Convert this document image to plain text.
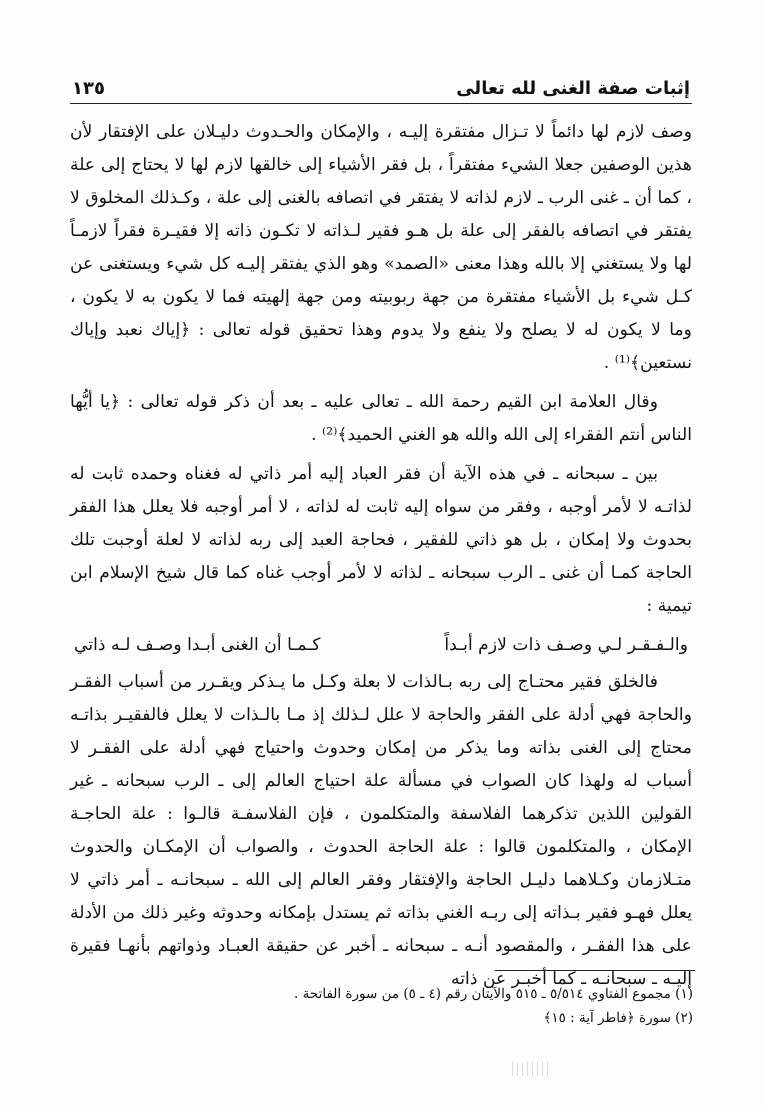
إثبات صفة الغنى لله تعالى
١٣٥

وصف لازم لها دائماً لا تـزال مفتقرة إليـه ، والإمكان والحـدوث دليـلان على الإفتقار لأن هذين الوصفين جعلا الشيء مفتقراً ، بل فقر الأشياء إلى خالقها لازم لها لا يحتاج إلى علة ، كما أن ـ غنى الرب ـ لازم لذاته لا يفتقر في اتصافه بالغنى إلى علة ، وكـذلك المخلوق لا يفتقر في اتصافه بالفقر إلى علة بل هـو فقير لـذاته لا تكـون ذاته إلا فقيـرة فقراً لازمـاً لها ولا يستغني إلا بالله وهذا معنى «الصمد» وهو الذي يفتقر إليـه كل شيء ويستغنى عن كـل شيء بل الأشياء مفتقرة من جهة ربوبيته ومن جهة إلهيته فما لا يكون به لا يكون ، وما لا يكون له لا يصلح ولا ينفع ولا يدوم وهذا تحقيق قوله تعالى : ﴿إياك نعبد وإياك نستعين﴾⁽¹⁾ .

وقال العلامة ابن القيم رحمة الله ـ تعالى عليه ـ بعد أن ذكر قوله تعالى : ﴿يا أيُّها الناس أنتم الفقراء إلى الله والله هو الغني الحميد﴾⁽²⁾ .

بين ـ سبحانه ـ في هذه الآية أن فقر العباد إليه أمر ذاتي له فغناه وحمده ثابت له لذاتـه لا لأمر أوجبه ، وفقر من سواه إليه ثابت له لذاته ، لا أمر أوجبه فلا يعلل هذا الفقر بحدوث ولا إمكان ، بل هو ذاتي للفقير ، فحاجة العبد إلى ربه لذاته لا لعلة أوجبت تلك الحاجة كمـا أن غنى ـ الرب سبحانه ـ لذاته لا لأمر أوجب غناه كما قال شيخ الإسلام ابن تيمية :

والـفـقـر لـي وصـف ذات لازم أبـداً
كـمـا أن الغنى أبـدا وصـف لـه ذاتي

فالخلق فقير محتـاج إلى ربه بـالذات لا بعلة وكـل ما يـذكر ويقـرر من أسباب الفقـر والحاجة فهي أدلة على الفقر والحاجة لا علل لـذلك إذ مـا بالـذات لا يعلل فالفقيـر بذاتـه محتاج إلى الغنى بذاته وما يذكر من إمكان وحدوث واحتياج فهي أدلة على الفقـر لا أسباب له ولهذا كان الصواب في مسألة علة احتياج العالم إلى ـ الرب سبحانه ـ غير القولين اللذين تذكرهما الفلاسفة والمتكلمون ، فإن الفلاسفـة قالـوا : علة الحاجـة الإمكان ، والمتكلمون قالوا : علة الحاجة الحدوث ، والصواب أن الإمكـان والحدوث متـلازمان وكـلاهما دليـل الحاجة والإفتقار وفقر العالم إلى الله ـ سبحانـه ـ أمر ذاتي لا يعلل فهـو فقير بـذاته إلى ربـه الغني بذاته ثم يستدل بإمكانه وحدوثه وغير ذلك من الأدلة على هذا الفقـر ، والمقصود أنـه ـ سبحانه ـ أخبر عن حقيقة العبـاد وذواتهم بأنهـا فقيرة إليـه ـ سبحانـه ـ كما أخبـر عن ذاته

(١) مجموع الفتاوي ٥/٥١٤ ـ ٥١٥ والآيتان رقم (٤ ـ ٥) من سورة الفاتحة .

(٢) سورة ﴿فاطر آية : ١٥﴾
